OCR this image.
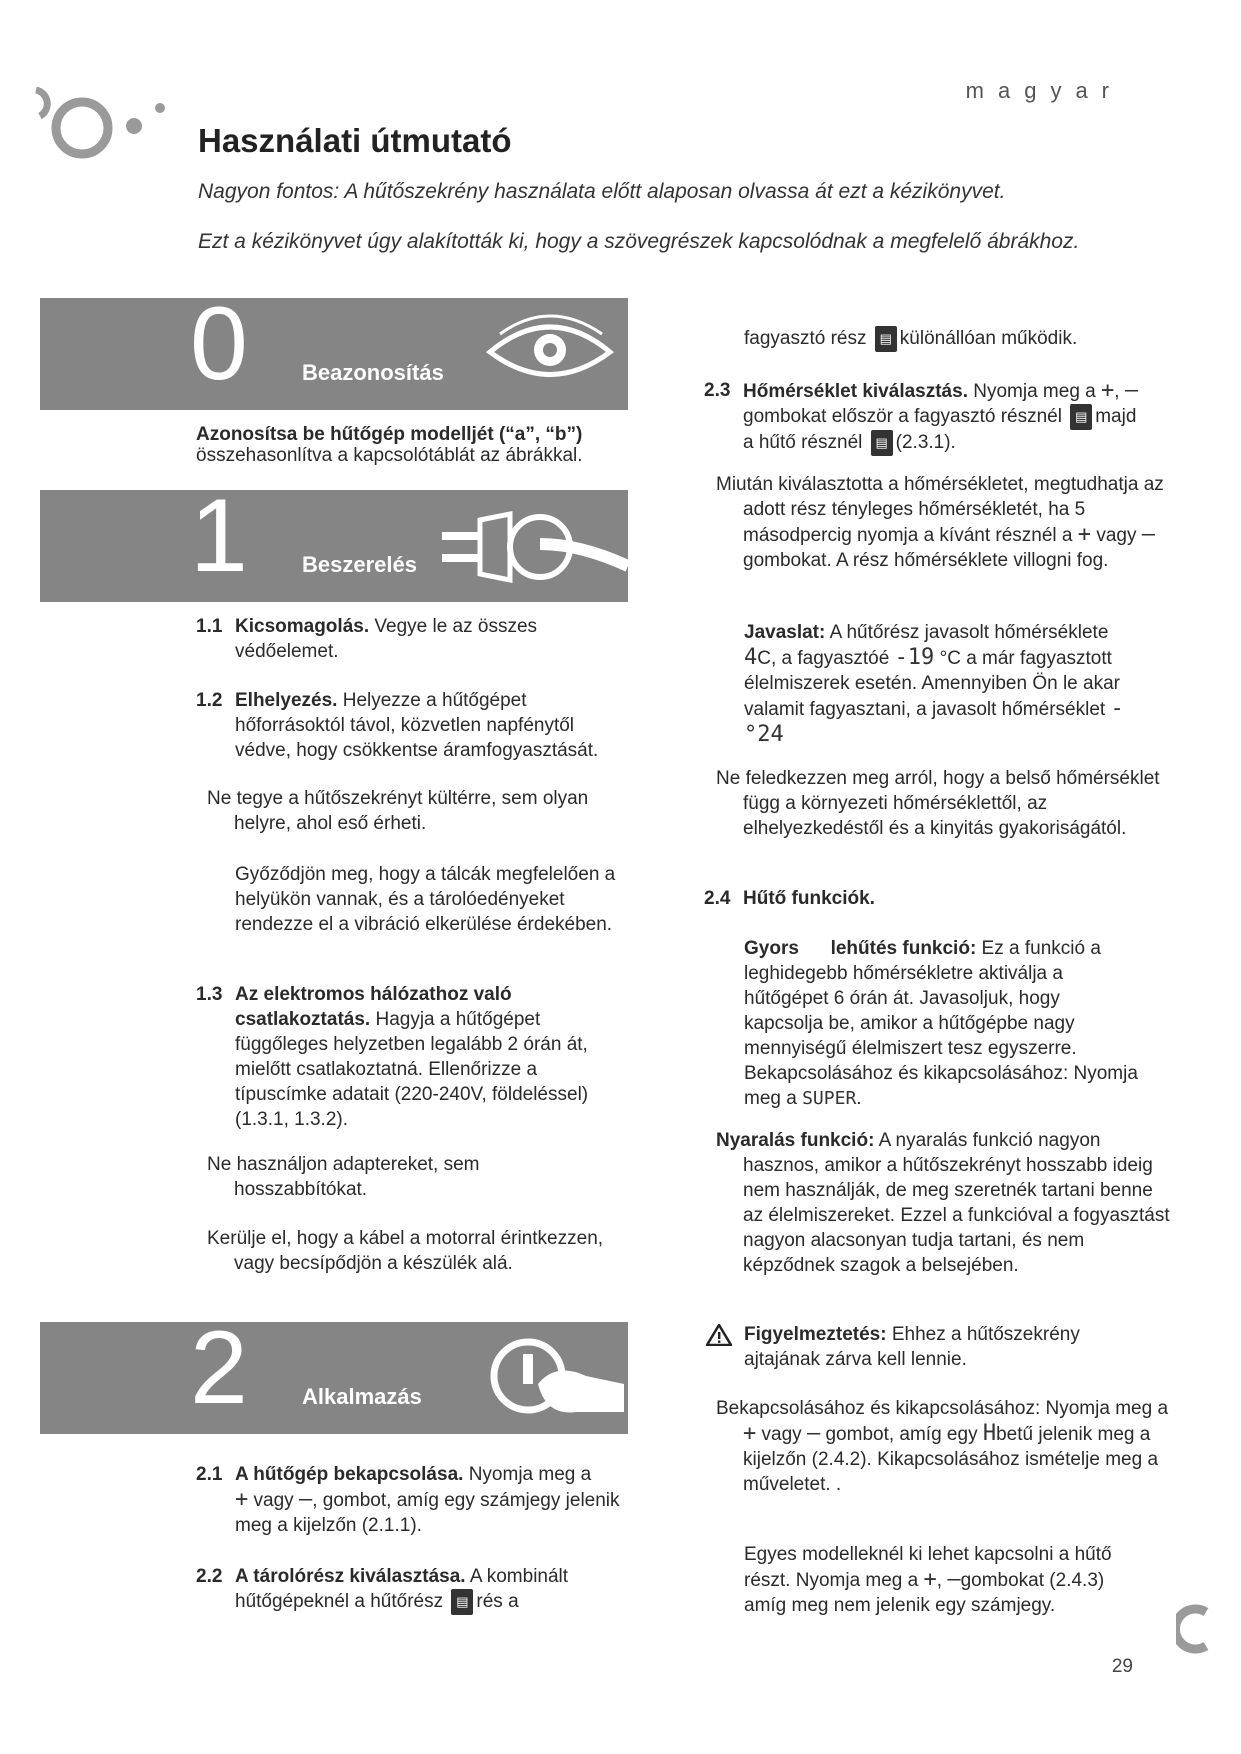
magyar
Használati útmutató
Nagyon fontos: A hűtőszekrény használata előtt alaposan olvassa át ezt a kézikönyvet.
Ezt a kézikönyvet úgy alakították ki, hogy a szövegrészek kapcsolódnak a megfelelő ábrákhoz.
0 Beazonosítás
Azonosítsa be hűtőgép modelljét (“a”, “b”)
összehasonlítva a kapcsolótáblát az ábrákkal.
1 Beszerelés
1.1 Kicsomagolás. Vegye le az összes védőelemet.
1.2 Elhelyezés. Helyezze a hűtőgépet hőforrásoktól távol, közvetlen napfénytől védve, hogy csökkentse áramfogyasztását.
Ne tegye a hűtőszekrényt kültérre, sem olyan helyre, ahol eső érheti.
Győződjön meg, hogy a tálcák megfelelően a helyükön vannak, és a tárolóedényeket rendezze el a vibráció elkerülése érdekében.
1.3 Az elektromos hálózathoz való csatlakoztatás. Hagyja a hűtőgépet függőleges helyzetben legalább 2 órán át, mielőtt csatlakoztatná. Ellenőrizze a típuscímke adatait (220-240V, földeléssel) (1.3.1, 1.3.2).
Ne használjon adaptereket, sem hosszabbítókat.
Kerülje el, hogy a kábel a motorral érintkezzen, vagy becsípődjön a készülék alá.
2 Alkalmazás
2.1 A hűtőgép bekapcsolása. Nyomja meg a
+ vagy —, gombot, amíg egy számjegy jelenik meg a kijelzőn (2.1.1).
2.2 A tárolórész kiválasztása. A kombinált hűtőgépeknél a hűtőrész ▤ rés a
fagyasztó rész ▤ különállóan működik.
2.3 Hőmérséklet kiválasztás. Nyomja meg a +, —gombokat először a fagyasztó résznél ▤ majd a hűtő résznél ▤ (2.3.1).
Miután kiválasztotta a hőmérsékletet, megtudhatja az adott rész tényleges hőmérsékletét, ha 5 másodpercig nyomja a kívánt résznél a + vagy — gombokat. A rész hőmérséklete villogni fog.
Javaslat: A hűtőrész javasolt hőmérséklete 4C, a fagyasztóé -19 °C a már fagyasztott élelmiszerek esetén. Amennyiben Ön le akar valamit fagyasztani, a javasolt hőmérséklet -°24
Ne feledkezzen meg arról, hogy a belső hőmérséklet függ a környezeti hőmérséklettől, az elhelyezkedéstől és a kinyitás gyakoriságától.
2.4 Hűtő funkciók.
Gyors      lehűtés funkció: Ez a funkció a leghidegebb hőmérsékletre aktiválja a hűtőgépet 6 órán át. Javasoljuk, hogy kapcsolja be, amikor a hűtőgépbe nagy mennyiségű élelmiszert tesz egyszerre. Bekapcsolásához és kikapcsolásához: Nyomja meg a SUPER.
Nyaralás funkció: A nyaralás funkció nagyon hasznos, amikor a hűtőszekrényt hosszabb ideig nem használják, de meg szeretnék tartani benne az élelmiszereket. Ezzel a funkcióval a fogyasztást nagyon alacsonyan tudja tartani, és nem képződnek szagok a belsejében.
Figyelmeztetés: Ehhez a hűtőszekrény ajtajának zárva kell lennie.
Bekapcsolásához és kikapcsolásához: Nyomja meg a + vagy — gombot, amíg egy Hbetű jelenik meg a kijelzőn (2.4.2). Kikapcsolásához ismételje meg a műveletet. .
Egyes modelleknél ki lehet kapcsolni a hűtő részt. Nyomja meg a +, —gombokat (2.4.3) amíg meg nem jelenik egy számjegy.
29
